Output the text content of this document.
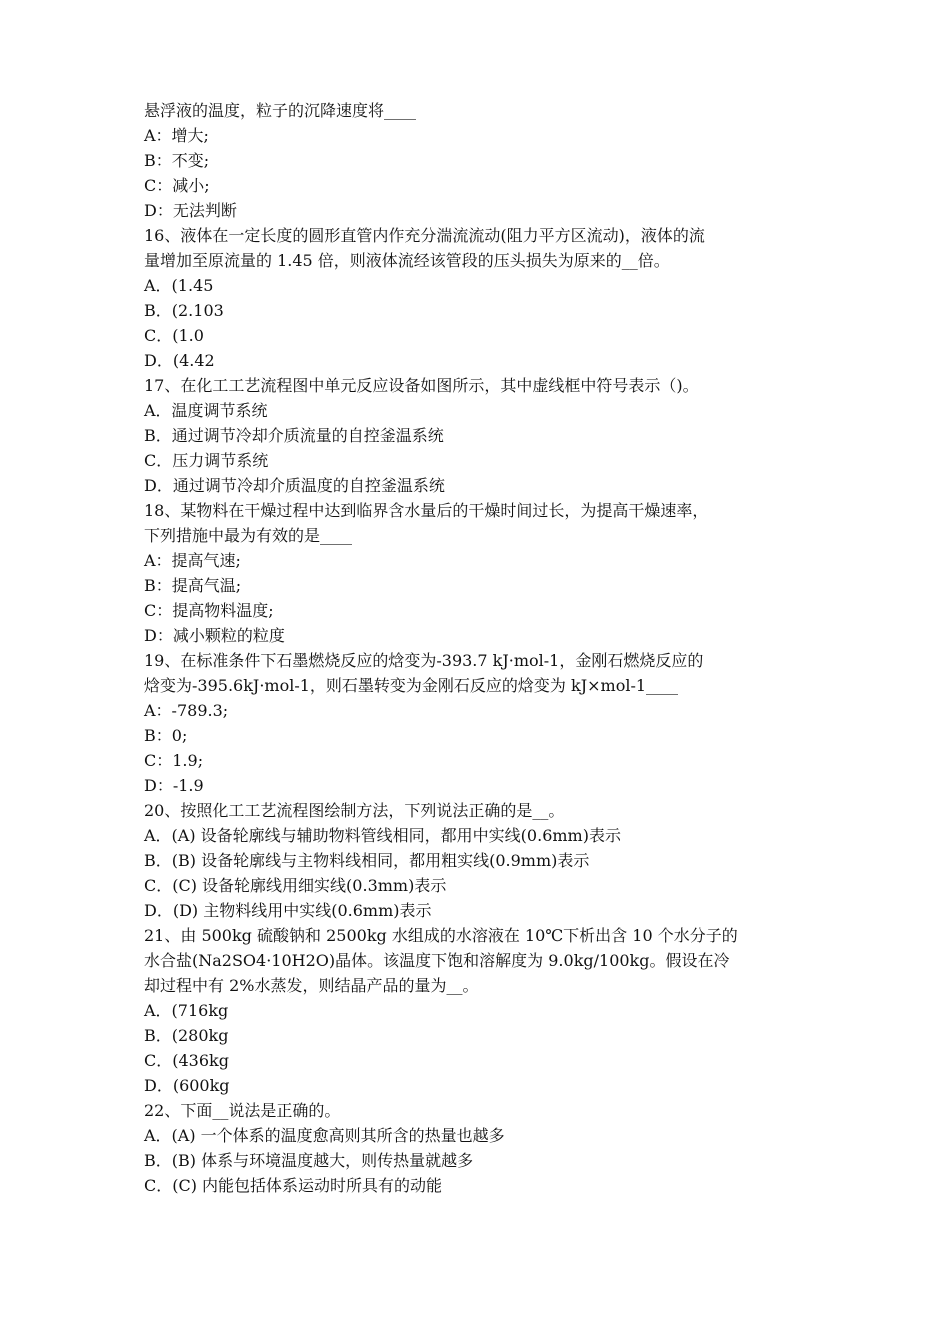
悬浮液的温度，粒子的沉降速度将____
A：增大;
B：不变;
C：减小;
D：无法判断
16、液体在一定长度的圆形直管内作充分湍流流动(阻力平方区流动)，液体的流
量增加至原流量的 1.45 倍，则液体流经该管段的压头损失为原来的__倍。
A．(1.45
B．(2.103
C．(1.0
D．(4.42
17、在化工工艺流程图中单元反应设备如图所示，其中虚线框中符号表示（)。
A．温度调节系统
B．通过调节冷却介质流量的自控釜温系统
C．压力调节系统
D．通过调节冷却介质温度的自控釜温系统
18、某物料在干燥过程中达到临界含水量后的干燥时间过长，为提高干燥速率，
下列措施中最为有效的是____
A：提高气速;
B：提高气温;
C：提高物料温度;
D：减小颗粒的粒度
19、在标准条件下石墨燃烧反应的焓变为-393.7 kJ·mol-1，金刚石燃烧反应的
焓变为-395.6kJ·mol-1，则石墨转变为金刚石反应的焓变为 kJ×mol-1____
A：-789.3;
B：0;
C：1.9;
D：-1.9
20、按照化工工艺流程图绘制方法，下列说法正确的是__。
A．(A) 设备轮廓线与辅助物料管线相同，都用中实线(0.6mm)表示
B．(B) 设备轮廓线与主物料线相同，都用粗实线(0.9mm)表示
C．(C) 设备轮廓线用细实线(0.3mm)表示
D．(D) 主物料线用中实线(0.6mm)表示
21、由 500kg 硫酸钠和 2500kg 水组成的水溶液在 10℃下析出含 10 个水分子的
水合盐(Na2SO4·10H2O)晶体。该温度下饱和溶解度为 9.0kg/100kg。假设在冷
却过程中有 2%水蒸发，则结晶产品的量为__。
A．(716kg
B．(280kg
C．(436kg
D．(600kg
22、下面__说法是正确的。
A．(A) 一个体系的温度愈高则其所含的热量也越多
B．(B) 体系与环境温度越大，则传热量就越多
C．(C) 内能包括体系运动时所具有的动能
